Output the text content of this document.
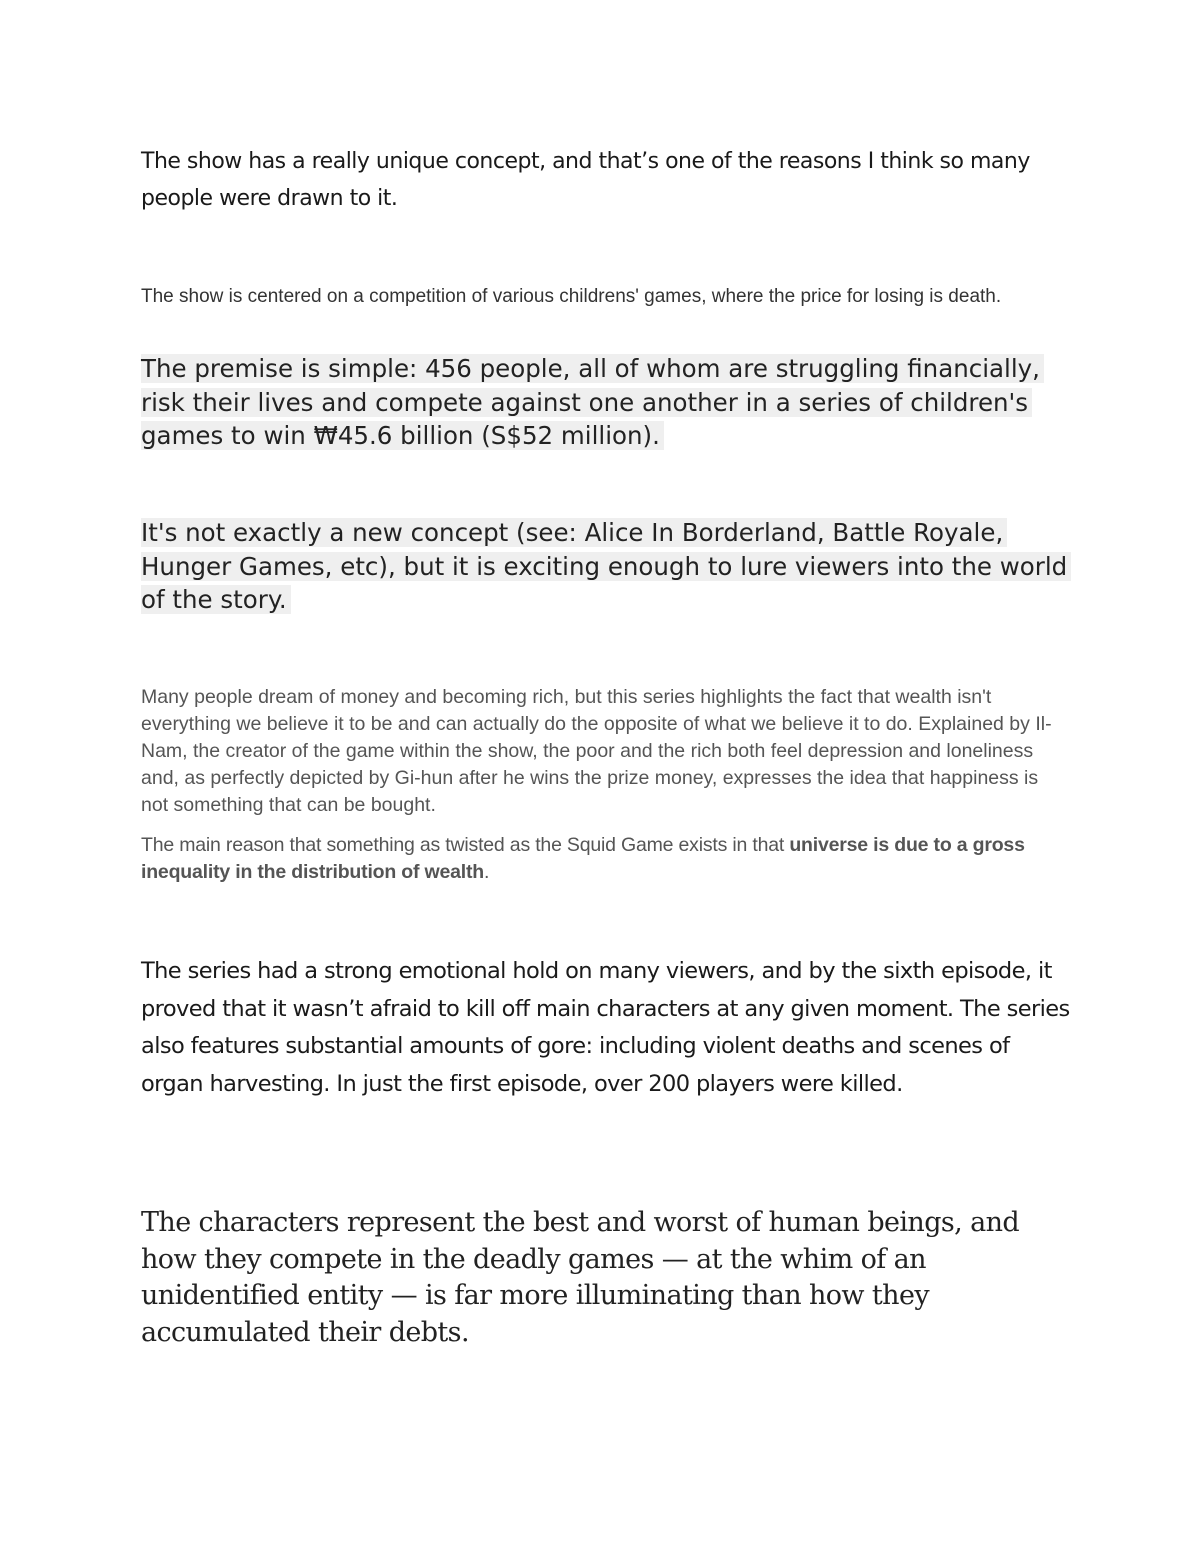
The show has a really unique concept, and that’s one of the reasons I think so many people were drawn to it.

The show is centered on a competition of various childrens' games, where the price for losing is death.

The premise is simple: 456 people, all of whom are struggling financially, risk their lives and compete against one another in a series of children's games to win ₩45.6 billion (S$52 million).

It's not exactly a new concept (see: Alice In Borderland, Battle Royale, Hunger Games, etc), but it is exciting enough to lure viewers into the world of the story.

Many people dream of money and becoming rich, but this series highlights the fact that wealth isn't everything we believe it to be and can actually do the opposite of what we believe it to do. Explained by Il-Nam, the creator of the game within the show, the poor and the rich both feel depression and loneliness and, as perfectly depicted by Gi-hun after he wins the prize money, expresses the idea that happiness is not something that can be bought.

The main reason that something as twisted as the Squid Game exists in that universe is due to a gross inequality in the distribution of wealth.

The series had a strong emotional hold on many viewers, and by the sixth episode, it proved that it wasn’t afraid to kill off main characters at any given moment. The series also features substantial amounts of gore: including violent deaths and scenes of organ harvesting. In just the first episode, over 200 players were killed.

The characters represent the best and worst of human beings, and how they compete in the deadly games — at the whim of an unidentified entity — is far more illuminating than how they accumulated their debts.
